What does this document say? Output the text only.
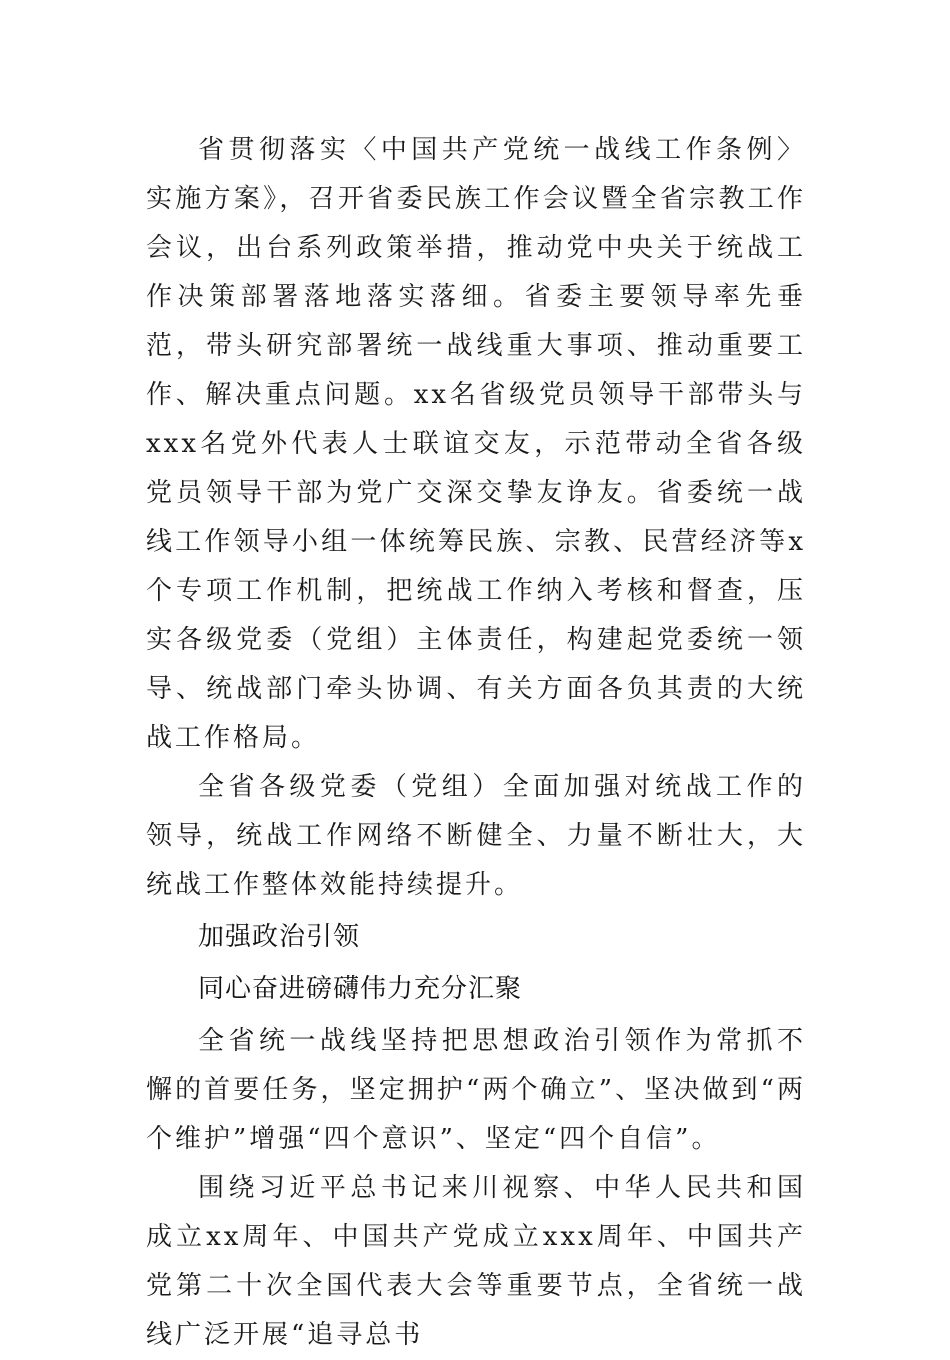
省贯彻落实〈中国共产党统一战线工作条例〉实施方案》，召开省委民族工作会议暨全省宗教工作会议，出台系列政策举措，推动党中央关于统战工作决策部署落地落实落细。省委主要领导率先垂范，带头研究部署统一战线重大事项、推动重要工作、解决重点问题。xx名省级党员领导干部带头与xxx名党外代表人士联谊交友，示范带动全省各级党员领导干部为党广交深交挚友诤友。省委统一战线工作领导小组一体统筹民族、宗教、民营经济等x个专项工作机制，把统战工作纳入考核和督查，压实各级党委（党组）主体责任，构建起党委统一领导、统战部门牵头协调、有关方面各负其责的大统战工作格局。

全省各级党委（党组）全面加强对统战工作的领导，统战工作网络不断健全、力量不断壮大，大统战工作整体效能持续提升。

加强政治引领

同心奋进磅礴伟力充分汇聚

全省统一战线坚持把思想政治引领作为常抓不懈的首要任务，坚定拥护“两个确立”、坚决做到“两个维护”增强“四个意识”、坚定“四个自信”。

围绕习近平总书记来川视察、中华人民共和国成立xx周年、中国共产党成立xxx周年、中国共产党第二十次全国代表大会等重要节点，全省统一战线广泛开展“追寻总书
